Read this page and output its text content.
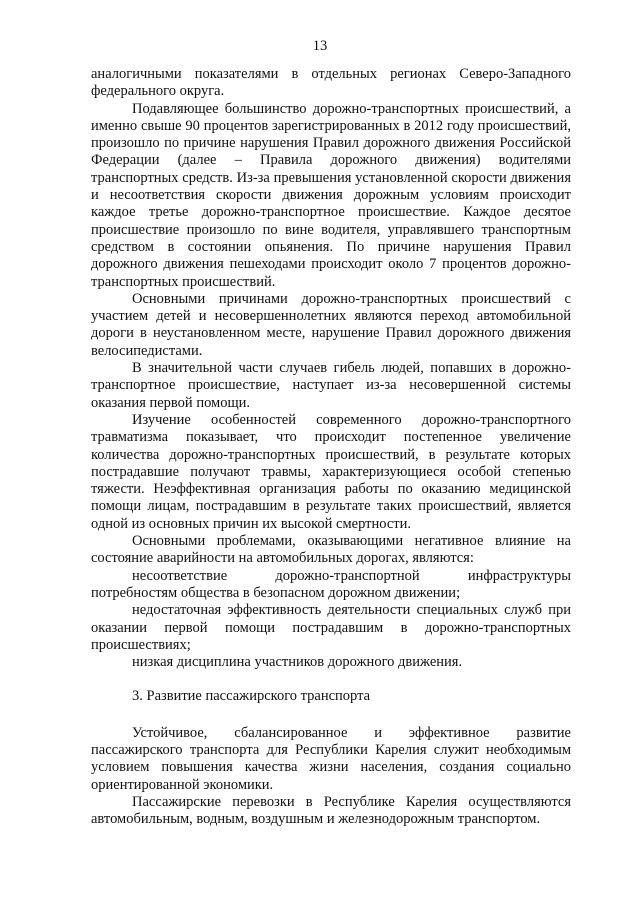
13

аналогичными показателями в отдельных регионах Северо-Западного федерального округа.

Подавляющее большинство дорожно-транспортных происшествий, а именно свыше 90 процентов зарегистрированных в 2012 году происшествий, произошло по причине нарушения Правил дорожного движения Российской Федерации (далее – Правила дорожного движения) водителями транспортных средств. Из-за превышения установленной скорости движения и несоответствия скорости движения дорожным условиям происходит каждое третье дорожно-транспортное происшествие. Каждое десятое происшествие произошло по вине водителя, управлявшего транспортным средством в состоянии опьянения. По причине нарушения Правил дорожного движения пешеходами происходит около 7 процентов дорожно-транспортных происшествий.

Основными причинами дорожно-транспортных происшествий с участием детей и несовершеннолетних являются переход автомобильной дороги в неустановленном месте, нарушение Правил дорожного движения велосипедистами.

В значительной части случаев гибель людей, попавших в дорожно-транспортное происшествие, наступает из-за несовершенной системы оказания первой помощи.

Изучение особенностей современного дорожно-транспортного травматизма показывает, что происходит постепенное увеличение количества дорожно-транспортных происшествий, в результате которых пострадавшие получают травмы, характеризующиеся особой степенью тяжести. Неэффективная организация работы по оказанию медицинской помощи лицам, пострадавшим в результате таких происшествий, является одной из основных причин их высокой смертности.

Основными проблемами, оказывающими негативное влияние на состояние аварийности на автомобильных дорогах, являются:

несоответствие дорожно-транспортной инфраструктуры потребностям общества в безопасном дорожном движении;

недостаточная эффективность деятельности специальных служб при оказании первой помощи пострадавшим в дорожно-транспортных происшествиях;

низкая дисциплина участников дорожного движения.

3. Развитие пассажирского транспорта

Устойчивое, сбалансированное и эффективное развитие пассажирского транспорта для Республики Карелия служит необходимым условием повышения качества жизни населения, создания социально ориентированной экономики.

Пассажирские перевозки в Республике Карелия осуществляются автомобильным, водным, воздушным и железнодорожным транспортом.
